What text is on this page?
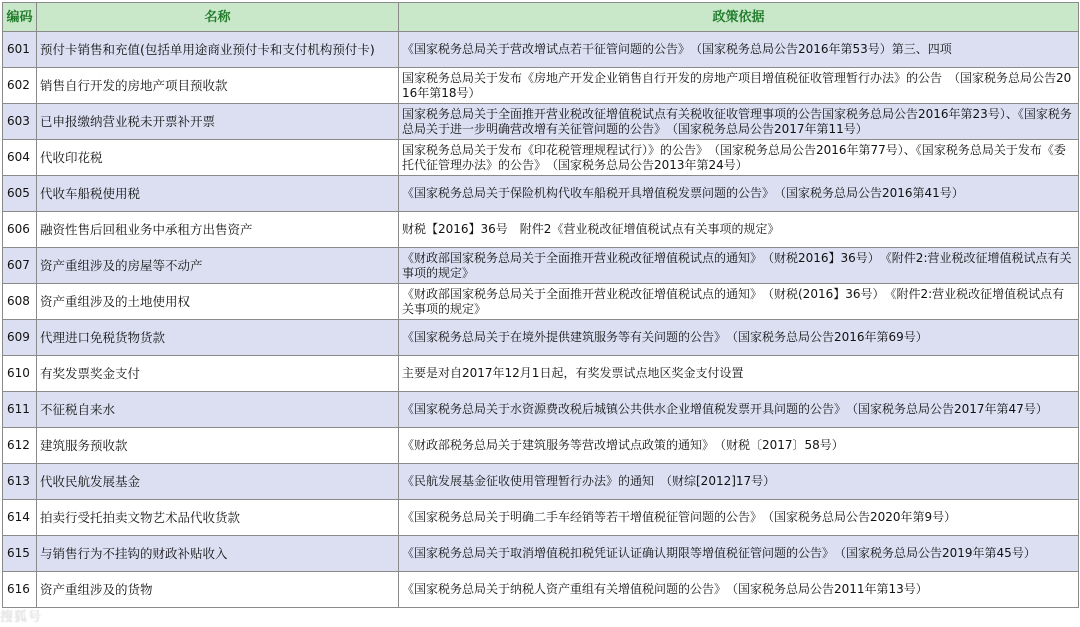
编码	名称	政策依据
601	预付卡销售和充值(包括单用途商业预付卡和支付机构预付卡)	《国家税务总局关于营改增试点若干征管问题的公告》　（国家税务总局公告2016年第53号）第三、四项
602	销售自行开发的房地产项目预收款	国家税务总局关于发布《房地产开发企业销售自行开发的房地产项目增值税征收管理暂行办法》的公告　（国家税务总局公告2016年第18号）
603	已申报缴纳营业税未开票补开票	国家税务总局关于全面推开营业税改征增值税试点有关税收征收管理事项的公告国家税务总局公告2016年第23号）、《国家税务总局关于进一步明确营改增有关征管问题的公告》　（国家税务总局公告2017年第11号）
604	代收印花税	国家税务总局关于发布《印花税管理规程试行）》的公告》　（国家税务总局公告2016年第77号）、《国家税务总局关于发布《委托代征管理办法》的公告》　（国家税务总局公告2013年第24号）
605	代收车船税使用税	《国家税务总局关于保险机构代收车船税开具增值税发票问题的公告》　（国家税务总局公告2016第41号）
606	融资性售后回租业务中承租方出售资产	财税【2016】36号　附件2《营业税改征增值税试点有关事项的规定》
607	资产重组涉及的房屋等不动产	《财政部国家税务总局关于全面推开营业税改征增值税试点的通知》　（财税2016】36号）　《附件2:营业税改征增值税试点有关事项的规定》
608	资产重组涉及的土地使用权	《财政部国家税务总局关于全面推开营业税改征增值税试点的通知》　（财税(2016】36号）　《附件2:营业税改征增值税试点有关事项的规定》
609	代理进口免税货物货款	《国家税务总局关于在境外提供建筑服务等有关问题的公告》　（国家税务总局公告2016年第69号）
610	有奖发票奖金支付	主要是对自2017年12月1日起，有奖发票试点地区奖金支付设置
611	不征税自来水	《国家税务总局关于水资源费改税后城镇公共供水企业增值税发票开具问题的公告》　（国家税务总局公告2017年第47号）
612	建筑服务预收款	《财政部税务总局关于建筑服务等营改增试点政策的通知》　（财税〔2017〕58号）
613	代收民航发展基金	《民航发展基金征收使用管理暂行办法》的通知　（财综[2012]17号）
614	拍卖行受托拍卖文物艺术品代收货款	《国家税务总局关于明确二手车经销等若干增值税征管问题的公告》　（国家税务总局公告2020年第9号）
615	与销售行为不挂钩的财政补贴收入	《国家税务总局关于取消增值税扣税凭证认证确认期限等增值税征管问题的公告》　（国家税务总局公告2019年第45号）
616	资产重组涉及的货物	《国家税务总局关于纳税人资产重组有关增值税问题的公告》　（国家税务总局公告2011年第13号）
搜狐号
